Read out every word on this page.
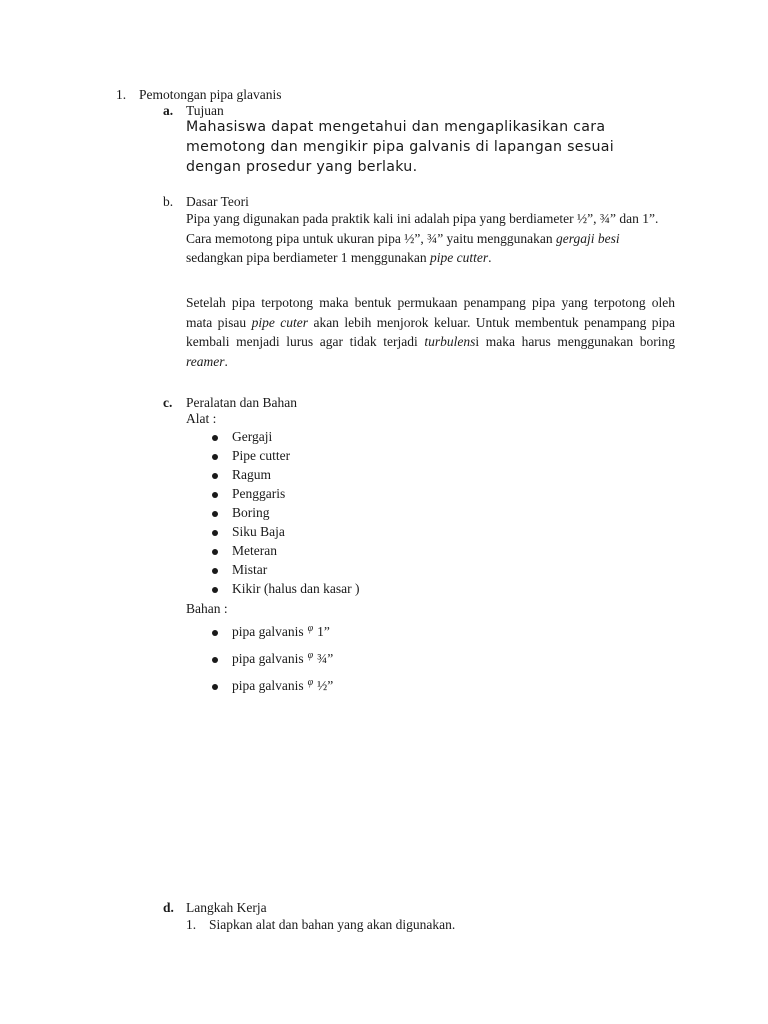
1. Pemotongan pipa glavanis
a. Tujuan
Mahasiswa dapat mengetahui dan mengaplikasikan cara
memotong dan mengikir pipa galvanis di lapangan sesuai
dengan prosedur yang berlaku.
b. Dasar Teori

Pipa yang digunakan pada praktik kali ini adalah pipa yang berdiameter ½”, ¾” dan 1”. Cara memotong pipa untuk ukuran pipa ½”, ¾” yaitu menggunakan gergaji besi sedangkan pipa berdiameter 1 menggunakan pipe cutter.

Setelah pipa terpotong maka bentuk permukaan penampang pipa yang terpotong oleh mata pisau pipe cuter akan lebih menjorok keluar. Untuk membentuk penampang pipa kembali menjadi lurus agar tidak terjadi turbulensi maka harus menggunakan boring reamer.

c. Peralatan dan Bahan
Alat :
Gergaji
Pipe cutter
Ragum
Penggaris
Boring
Siku Baja
Meteran
Mistar
Kikir (halus dan kasar )
Bahan :
pipa galvanis $^\varphi$ 1”
pipa galvanis $^\varphi$ ¾”
pipa galvanis $^\varphi$ ½”
d. Langkah Kerja
1. Siapkan alat dan bahan yang akan digunakan.
